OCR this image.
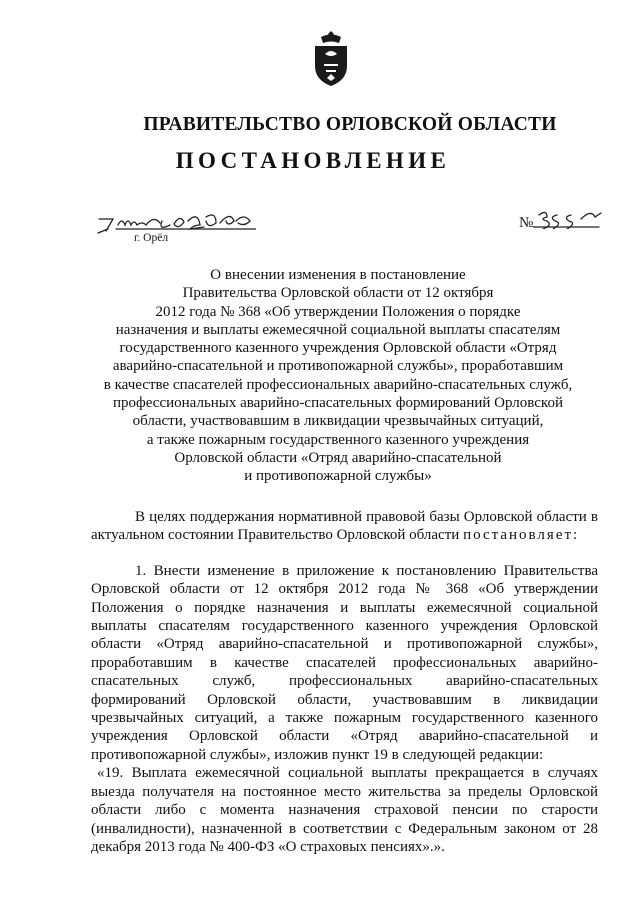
ПРАВИТЕЛЬСТВО ОРЛОВСКОЙ ОБЛАСТИ
ПОСТАНОВЛЕНИЕ
г. Орёл
№
О внесении изменения в постановление
Правительства Орловской области от 12 октября
2012 года № 368 «Об утверждении Положения о порядке
назначения и выплаты ежемесячной социальной выплаты спасателям
государственного казенного учреждения Орловской области «Отряд
аварийно-спасательной и противопожарной службы», проработавшим
в качестве спасателей профессиональных аварийно-спасательных служб,
профессиональных аварийно-спасательных формирований Орловской
области, участвовавшим в ликвидации чрезвычайных ситуаций,
а также пожарным государственного казенного учреждения
Орловской области «Отряд аварийно-спасательной
и противопожарной службы»
В целях поддержания нормативной правовой базы Орловской области в актуальном состоянии Правительство Орловской области постановляет:
1. Внести изменение в приложение к постановлению Правительства Орловской области от 12 октября 2012 года № 368 «Об утверждении Положения о порядке назначения и выплаты ежемесячной социальной выплаты спасателям государственного казенного учреждения Орловской области «Отряд аварийно-спасательной и противопожарной службы», проработавшим в качестве спасателей профессиональных аварийно-спасательных служб, профессиональных аварийно-спасательных формирований Орловской области, участвовавшим в ликвидации чрезвычайных ситуаций, а также пожарным государственного казенного учреждения Орловской области «Отряд аварийно-спасательной и противопожарной службы», изложив пункт 19 в следующей редакции:
«19. Выплата ежемесячной социальной выплаты прекращается в случаях выезда получателя на постоянное место жительства за пределы Орловской области либо с момента назначения страховой пенсии по старости (инвалидности), назначенной в соответствии с Федеральным законом от 28 декабря 2013 года № 400-ФЗ «О страховых пенсиях».».
